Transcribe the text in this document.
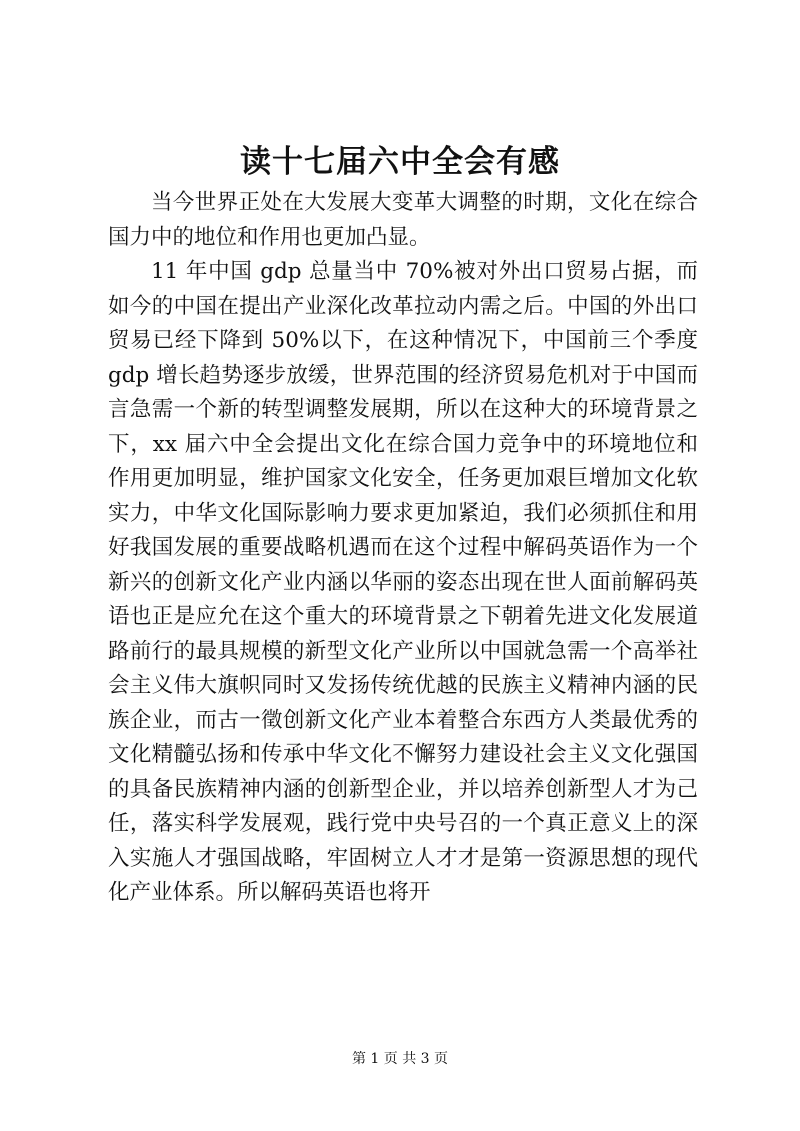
读十七届六中全会有感

当今世界正处在大发展大变革大调整的时期，文化在综合国力中的地位和作用也更加凸显。

11 年中国 gdp 总量当中 70%被对外出口贸易占据，而如今的中国在提出产业深化改革拉动内需之后。中国的外出口贸易已经下降到 50%以下，在这种情况下，中国前三个季度 gdp 增长趋势逐步放缓，世界范围的经济贸易危机对于中国而言急需一个新的转型调整发展期，所以在这种大的环境背景之下，xx 届六中全会提出文化在综合国力竞争中的环境地位和作用更加明显，维护国家文化安全，任务更加艰巨增加文化软实力，中华文化国际影响力要求更加紧迫，我们必须抓住和用好我国发展的重要战略机遇而在这个过程中解码英语作为一个新兴的创新文化产业内涵以华丽的姿态出现在世人面前解码英语也正是应允在这个重大的环境背景之下朝着先进文化发展道路前行的最具规模的新型文化产业所以中国就急需一个高举社会主义伟大旗帜同时又发扬传统优越的民族主义精神内涵的民族企业，而古一徵创新文化产业本着整合东西方人类最优秀的文化精髓弘扬和传承中华文化不懈努力建设社会主义文化强国的具备民族精神内涵的创新型企业，并以培养创新型人才为己任，落实科学发展观，践行党中央号召的一个真正意义上的深入实施人才强国战略，牢固树立人才才是第一资源思想的现代化产业体系。所以解码英语也将开

第 1 页 共 3 页
